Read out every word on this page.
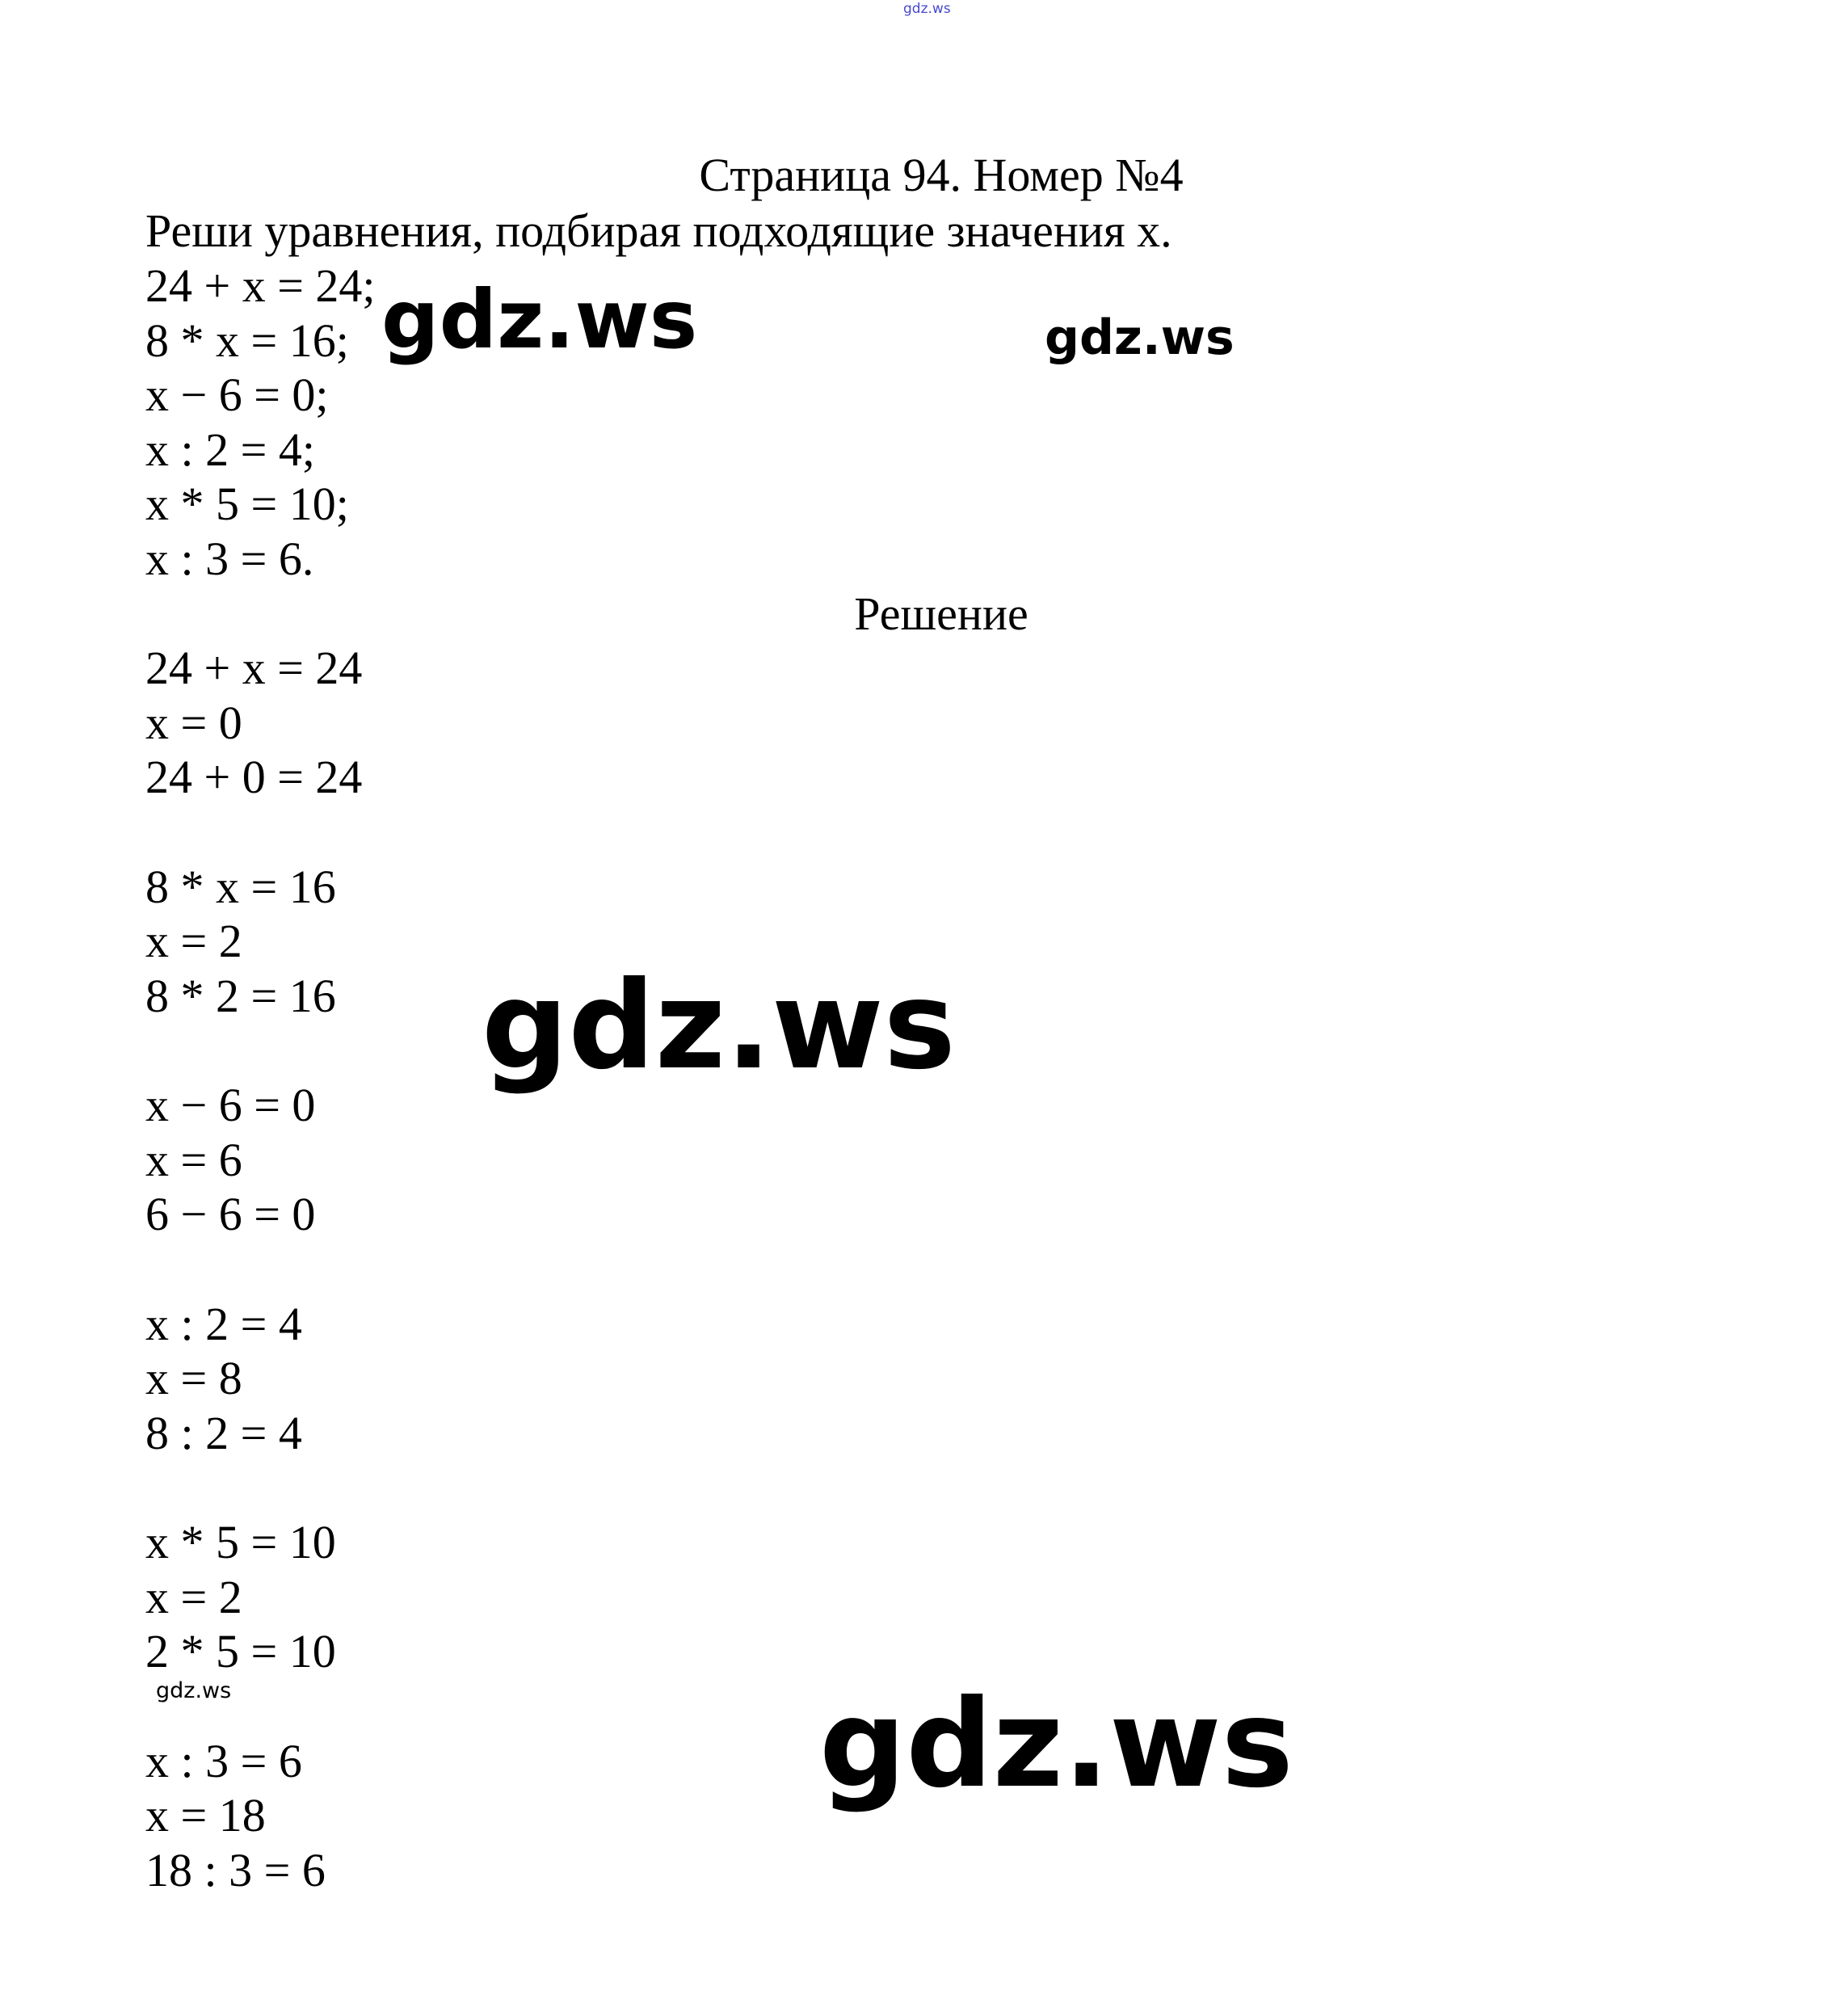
gdz.ws
Страница 94. Номер №4
Реши уравнения, подбирая подходящие значения x.
24 + x = 24;
8 * x = 16;
x − 6 = 0;
x : 2 = 4;
x * 5 = 10;
x : 3 = 6.
Решение
24 + x = 24
x = 0
24 + 0 = 24
8 * x = 16
x = 2
8 * 2 = 16
x − 6 = 0
x = 6
6 − 6 = 0
x : 2 = 4
x = 8
8 : 2 = 4
x * 5 = 10
x = 2
2 * 5 = 10
x : 3 = 6
x = 18
18 : 3 = 6
gdz.ws	gdz.ws
gdz.ws
gdz.ws	gdz.ws
